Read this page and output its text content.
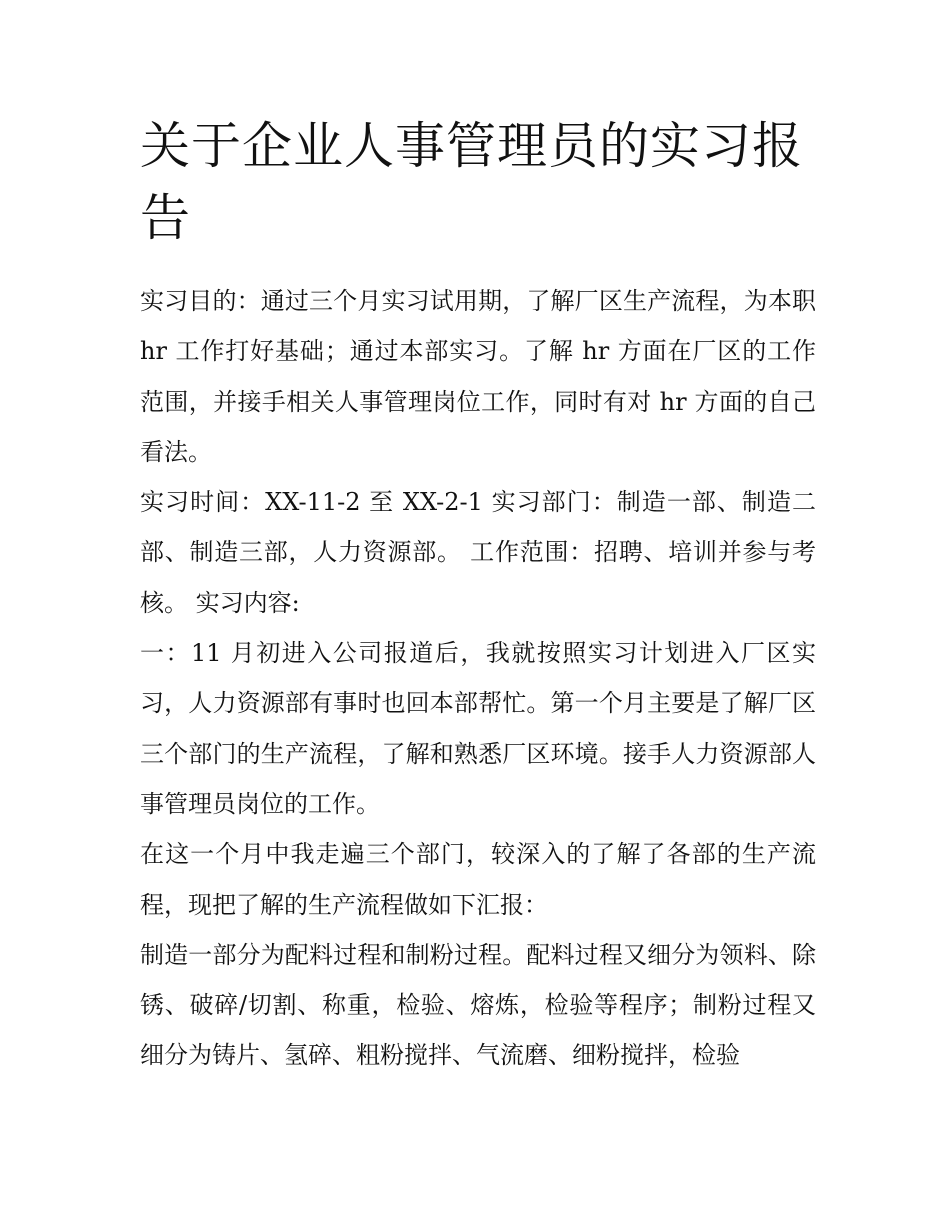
关于企业人事管理员的实习报告

实习目的：通过三个月实习试用期，了解厂区生产流程，为本职 hr 工作打好基础；通过本部实习。了解 hr 方面在厂区的工作范围，并接手相关人事管理岗位工作，同时有对 hr 方面的自己看法。

实习时间：XX-11-2 至 XX-2-1 实习部门：制造一部、制造二部、制造三部，人力资源部。 工作范围：招聘、培训并参与考核。 实习内容:

一：11 月初进入公司报道后，我就按照实习计划进入厂区实习，人力资源部有事时也回本部帮忙。第一个月主要是了解厂区三个部门的生产流程，了解和熟悉厂区环境。接手人力资源部人事管理员岗位的工作。

在这一个月中我走遍三个部门，较深入的了解了各部的生产流程，现把了解的生产流程做如下汇报：

制造一部分为配料过程和制粉过程。配料过程又细分为领料、除锈、破碎/切割、称重，检验、熔炼，检验等程序；制粉过程又细分为铸片、氢碎、粗粉搅拌、气流磨、细粉搅拌，检验
